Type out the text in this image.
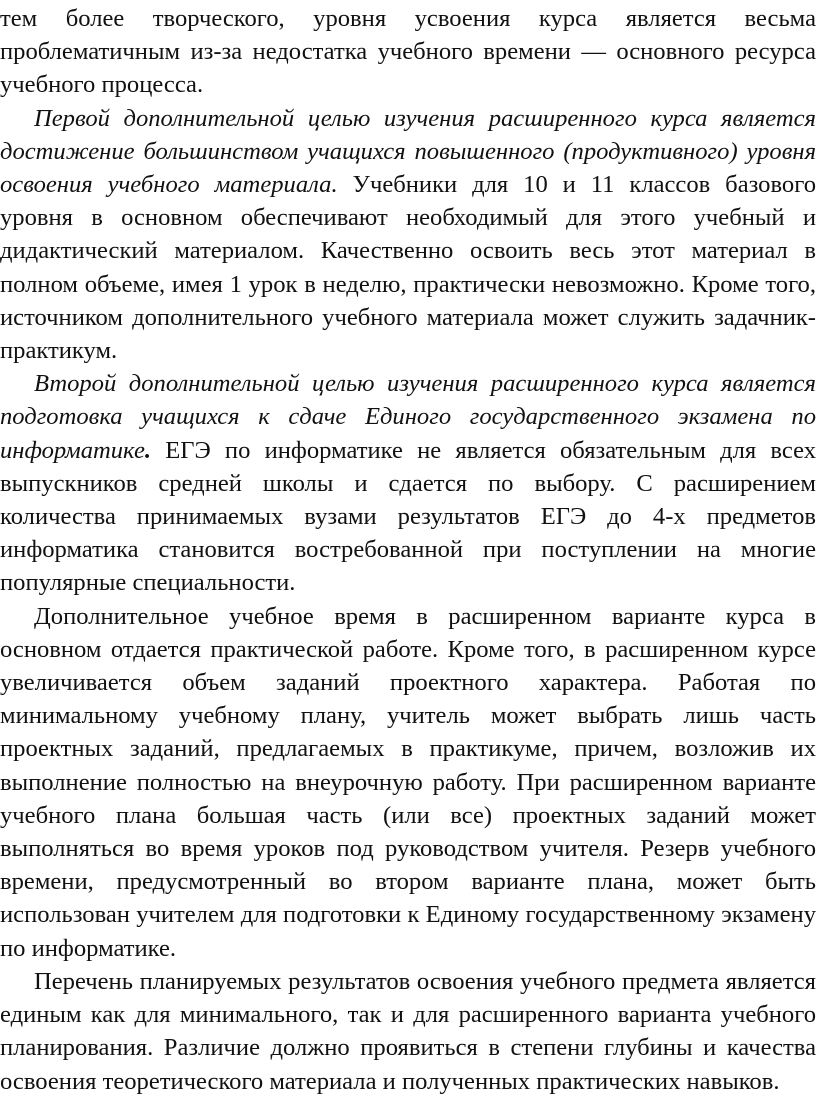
тем более творческого, уровня усвоения курса является весьма проблематичным из-за недостатка учебного времени — основного ресурса учебного процесса.

Первой дополнительной целью изучения расширенного курса является достижение большинством учащихся повышенного (продуктивного) уровня освоения учебного материала. Учебники для 10 и 11 классов базового уровня в основном обеспечивают необходимый для этого учебный и дидактический материалом. Качественно освоить весь этот материал в полном объеме, имея 1 урок в неделю, практически невозможно. Кроме того, источником дополнительного учебного материала может служить задачник-практикум.

Второй дополнительной целью изучения расширенного курса является подготовка учащихся к сдаче Единого государственного экзамена по информатике. ЕГЭ по информатике не является обязательным для всех выпускников средней школы и сдается по выбору. С расширением количества принимаемых вузами результатов ЕГЭ до 4-х предметов информатика становится востребованной при поступлении на многие популярные специальности.

Дополнительное учебное время в расширенном варианте курса в основном отдается практической работе. Кроме того, в расширенном курсе увеличивается объем заданий проектного характера. Работая по минимальному учебному плану, учитель может выбрать лишь часть проектных заданий, предлагаемых в практикуме, причем, возложив их выполнение полностью на внеурочную работу. При расширенном варианте учебного плана большая часть (или все) проектных заданий может выполняться во время уроков под руководством учителя. Резерв учебного времени, предусмотренный во втором варианте плана, может быть использован учителем для подготовки к Единому государственному экзамену по информатике.

Перечень планируемых результатов освоения учебного предмета является единым как для минимального, так и для расширенного варианта учебного планирования. Различие должно проявиться в степени глубины и качества освоения теоретического материала и полученных практических навыков.
